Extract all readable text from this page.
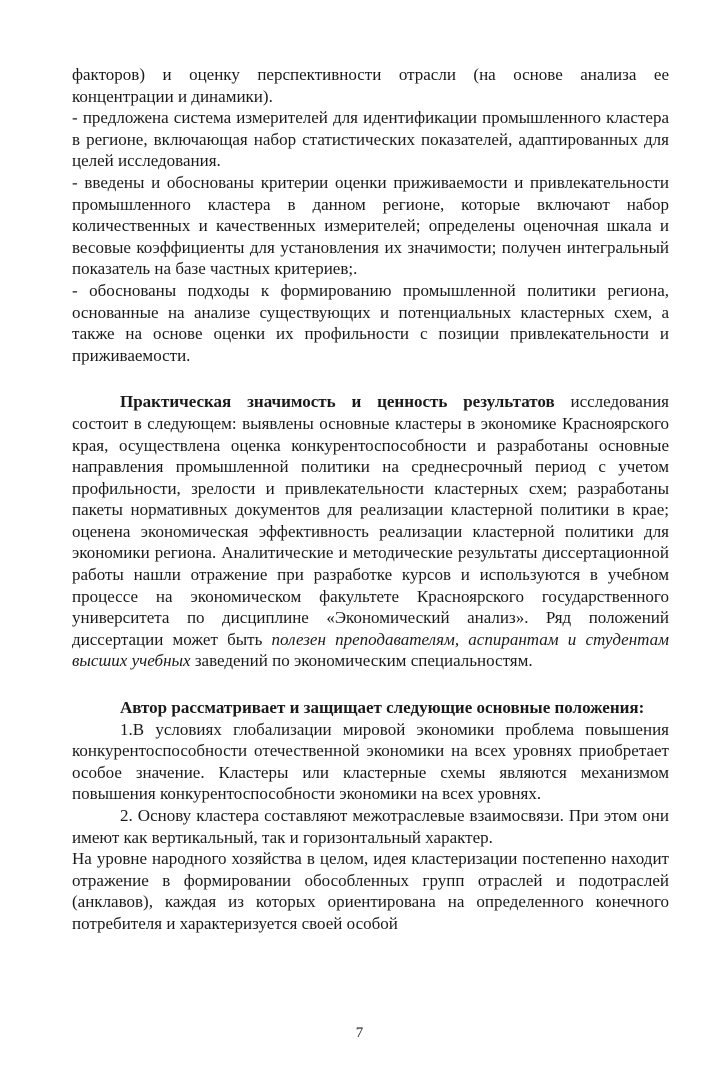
факторов) и оценку перспективности отрасли (на основе анализа ее концентрации и динамики).

- предложена система измерителей для идентификации промышленного кластера в регионе, включающая набор статистических показателей, адаптированных для целей исследования.

- введены и обоснованы критерии оценки приживаемости и привлекательности промышленного кластера в данном регионе, которые включают набор количественных и качественных измерителей; определены оценочная шкала и весовые коэффициенты для установления их значимости; получен интегральный показатель на базе частных критериев;.

- обоснованы подходы к формированию промышленной политики региона, основанные на анализе существующих и потенциальных кластерных схем, а также на основе оценки их профильности с позиции привлекательности и приживаемости.

Практическая значимость и ценность результатов исследования состоит в следующем: выявлены основные кластеры в экономике Красноярского края, осуществлена оценка конкурентоспособности и разработаны основные направления промышленной политики на среднесрочный период с учетом профильности, зрелости и привлекательности кластерных схем; разработаны пакеты нормативных документов для реализации кластерной политики в крае; оценена экономическая эффективность реализации кластерной политики для экономики региона. Аналитические и методические результаты диссертационной работы нашли отражение при разработке курсов и используются в учебном процессе на экономическом факультете Красноярского государственного университета по дисциплине «Экономический анализ». Ряд положений диссертации может быть полезен преподавателям, аспирантам и студентам высших учебных заведений по экономическим специальностям.

Автор рассматривает и защищает следующие основные положения:

1.В условиях глобализации мировой экономики проблема повышения конкурентоспособности отечественной экономики на всех уровнях приобретает особое значение. Кластеры или кластерные схемы являются механизмом повышения конкурентоспособности экономики на всех уровнях.

2. Основу кластера составляют межотраслевые взаимосвязи. При этом они имеют как вертикальный, так и горизонтальный характер.

На уровне народного хозяйства в целом, идея кластеризации постепенно находит отражение в формировании обособленных групп отраслей и подотраслей (анклавов), каждая из которых ориентирована на определенного конечного потребителя и характеризуется своей особой

7
